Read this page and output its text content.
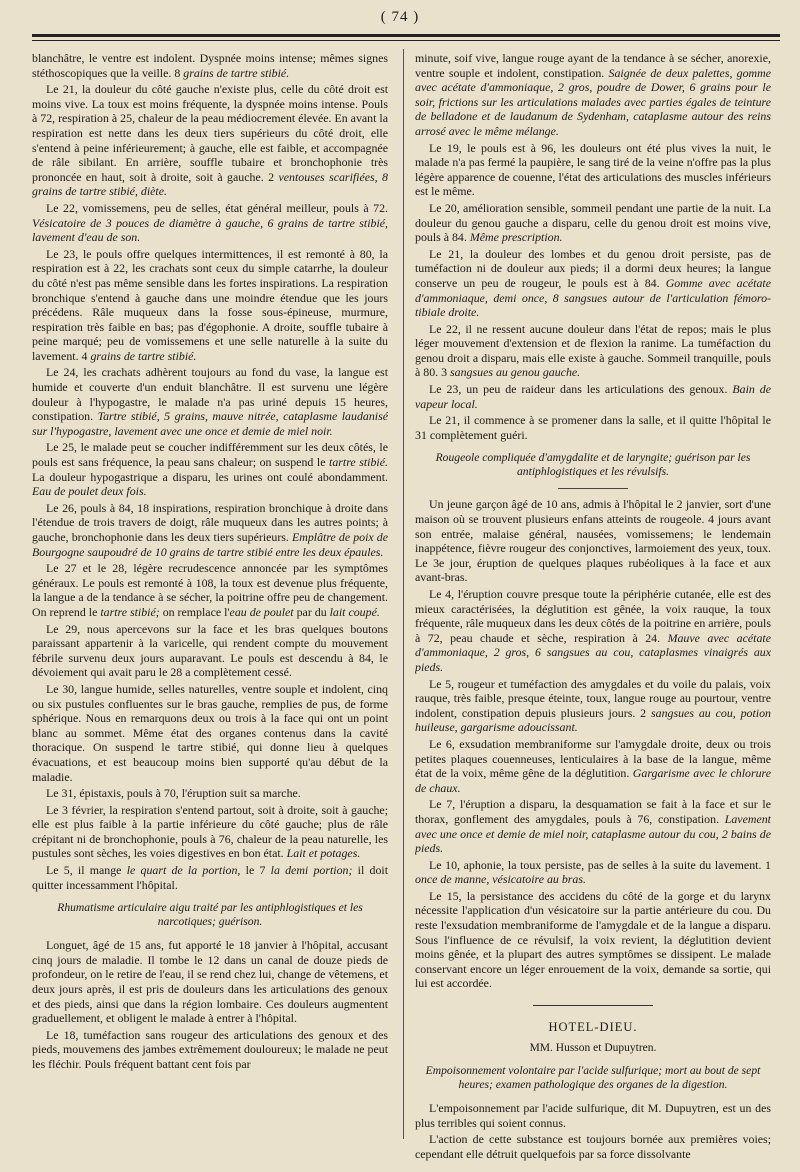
( 74 )

blanchâtre, le ventre est indolent. Dyspnée moins intense; mêmes signes stéthoscopiques que la veille. 8 grains de tartre stibié.

Le 21, la douleur du côté gauche n'existe plus, celle du côté droit est moins vive. La toux est moins fréquente, la dyspnée moins intense. Pouls à 72, respiration à 25, chaleur de la peau médiocrement élevée. En avant la respiration est nette dans les deux tiers supérieurs du côté droit, elle s'entend à peine inférieurement; à gauche, elle est faible, et accompagnée de râle sibilant. En arrière, souffle tubaire et bronchophonie très prononcée en haut, soit à droite, soit à gauche. 2 ventouses scarifiées, 8 grains de tartre stibié, diète.

Le 22, vomissemens, peu de selles, état général meilleur, pouls à 72. Vésicatoire de 3 pouces de diamètre à gauche, 6 grains de tartre stibié, lavement d'eau de son.

Le 23, le pouls offre quelques intermittences, il est remonté à 80, la respiration est à 22, les crachats sont ceux du simple catarrhe, la douleur du côté n'est pas même sensible dans les fortes inspirations. La respiration bronchique s'entend à gauche dans une moindre étendue que les jours précédens. Râle muqueux dans la fosse sous-épineuse, murmure, respiration très faible en bas; pas d'égophonie. A droite, souffle tubaire à peine marqué; peu de vomissemens et une selle naturelle à la suite du lavement. 4 grains de tartre stibié.

Le 24, les crachats adhèrent toujours au fond du vase, la langue est humide et couverte d'un enduit blanchâtre. Il est survenu une légère douleur à l'hypogastre, le malade n'a pas uriné depuis 15 heures, constipation. Tartre stibié, 5 grains, mauve nitrée, cataplasme laudanisé sur l'hypogastre, lavement avec une once et demie de miel noir.

Le 25, le malade peut se coucher indifféremment sur les deux côtés, le pouls est sans fréquence, la peau sans chaleur; on suspend le tartre stibié. La douleur hypogastrique a disparu, les urines ont coulé abondamment. Eau de poulet deux fois.

Le 26, pouls à 84, 18 inspirations, respiration bronchique à droite dans l'étendue de trois travers de doigt, râle muqueux dans les autres points; à gauche, bronchophonie dans les deux tiers supérieurs. Emplâtre de poix de Bourgogne saupoudré de 10 grains de tartre stibié entre les deux épaules.

Le 27 et le 28, légère recrudescence annoncée par les symptômes généraux. Le pouls est remonté à 108, la toux est devenue plus fréquente, la langue a de la tendance à se sécher, la poitrine offre peu de changement. On reprend le tartre stibié; on remplace l'eau de poulet par du lait coupé.

Le 29, nous apercevons sur la face et les bras quelques boutons paraissant appartenir à la varicelle, qui rendent compte du mouvement fébrile survenu deux jours auparavant. Le pouls est descendu à 84, le dévoiement qui avait paru le 28 a complètement cessé.

Le 30, langue humide, selles naturelles, ventre souple et indolent, cinq ou six pustules confluentes sur le bras gauche, remplies de pus, de forme sphérique. Nous en remarquons deux ou trois à la face qui ont un point blanc au sommet. Même état des organes contenus dans la cavité thoracique. On suspend le tartre stibié, qui donne lieu à quelques évacuations, et est beaucoup moins bien supporté qu'au début de la maladie.

Le 31, épistaxis, pouls à 70, l'éruption suit sa marche.

Le 3 février, la respiration s'entend partout, soit à droite, soit à gauche; elle est plus faible à la partie inférieure du côté gauche; plus de râle crépitant ni de bronchophonie, pouls à 76, chaleur de la peau naturelle, les pustules sont sèches, les voies digestives en bon état. Lait et potages.

Le 5, il mange le quart de la portion, le 7 la demi portion; il doit quitter incessamment l'hôpital.

Rhumatisme articulaire aigu traité par les antiphlogistiques et les narcotiques; guérison.

Longuet, âgé de 15 ans, fut apporté le 18 janvier à l'hôpital, accusant cinq jours de maladie. Il tombe le 12 dans un canal de douze pieds de profondeur, on le retire de l'eau, il se rend chez lui, change de vêtemens, et deux jours après, il est pris de douleurs dans les articulations des genoux et des pieds, ainsi que dans la région lombaire. Ces douleurs augmentent graduellement, et obligent le malade à entrer à l'hôpital.

Le 18, tuméfaction sans rougeur des articulations des genoux et des pieds, mouvemens des jambes extrêmement douloureux; le malade ne peut les fléchir. Pouls fréquent battant cent fois par

minute, soif vive, langue rouge ayant de la tendance à se sécher, anorexie, ventre souple et indolent, constipation. Saignée de deux palettes, gomme avec acétate d'ammoniaque, 2 gros, poudre de Dower, 6 grains pour le soir, frictions sur les articulations malades avec parties égales de teinture de belladone et de laudanum de Sydenham, cataplasme autour des reins arrosé avec le même mélange.

Le 19, le pouls est à 96, les douleurs ont été plus vives la nuit, le malade n'a pas fermé la paupière, le sang tiré de la veine n'offre pas la plus légère apparence de couenne, l'état des articulations des muscles inférieurs est le même.

Le 20, amélioration sensible, sommeil pendant une partie de la nuit. La douleur du genou gauche a disparu, celle du genou droit est moins vive, pouls à 84. Même prescription.

Le 21, la douleur des lombes et du genou droit persiste, pas de tuméfaction ni de douleur aux pieds; il a dormi deux heures; la langue conserve un peu de rougeur, le pouls est à 84. Gomme avec acétate d'ammoniaque, demi once, 8 sangsues autour de l'articulation fémoro-tibiale droite.

Le 22, il ne ressent aucune douleur dans l'état de repos; mais le plus léger mouvement d'extension et de flexion la ranime. La tuméfaction du genou droit a disparu, mais elle existe à gauche. Sommeil tranquille, pouls à 80. 3 sangsues au genou gauche.

Le 23, un peu de raideur dans les articulations des genoux. Bain de vapeur local.

Le 21, il commence à se promener dans la salle, et il quitte l'hôpital le 31 complètement guéri.

Rougeole compliquée d'amygdalite et de laryngite; guérison par les antiphlogistiques et les révulsifs.

Un jeune garçon âgé de 10 ans, admis à l'hôpital le 2 janvier, sort d'une maison où se trouvent plusieurs enfans atteints de rougeole. 4 jours avant son entrée, malaise général, nausées, vomissemens; le lendemain inappétence, fièvre rougeur des conjonctives, larmoiement des yeux, toux. Le 3e jour, éruption de quelques plaques rubéoliques à la face et aux avant-bras.

Le 4, l'éruption couvre presque toute la périphérie cutanée, elle est des mieux caractérisées, la déglutition est gênée, la voix rauque, la toux fréquente, râle muqueux dans les deux côtés de la poitrine en arrière, pouls à 72, peau chaude et sèche, respiration à 24. Mauve avec acétate d'ammoniaque, 2 gros, 6 sangsues au cou, cataplasmes vinaigrés aux pieds.

Le 5, rougeur et tuméfaction des amygdales et du voile du palais, voix rauque, très faible, presque éteinte, toux, langue rouge au pourtour, ventre indolent, constipation depuis plusieurs jours. 2 sangsues au cou, potion huileuse, gargarisme adoucissant.

Le 6, exsudation membraniforme sur l'amygdale droite, deux ou trois petites plaques couenneuses, lenticulaires à la base de la langue, même état de la voix, même gêne de la déglutition. Gargarisme avec le chlorure de chaux.

Le 7, l'éruption a disparu, la desquamation se fait à la face et sur le thorax, gonflement des amygdales, pouls à 76, constipation. Lavement avec une once et demie de miel noir, cataplasme autour du cou, 2 bains de pieds.

Le 10, aphonie, la toux persiste, pas de selles à la suite du lavement. 1 once de manne, vésicatoire au bras.

Le 15, la persistance des accidens du côté de la gorge et du larynx nécessite l'application d'un vésicatoire sur la partie antérieure du cou. Du reste l'exsudation membraniforme de l'amygdale et de la langue a disparu. Sous l'influence de ce révulsif, la voix revient, la déglutition devient moins gênée, et la plupart des autres symptômes se dissipent. Le malade conservant encore un léger enrouement de la voix, demande sa sortie, qui lui est accordée.

HOTEL-DIEU.
MM. Husson et Dupuytren.
Empoisonnement volontaire par l'acide sulfurique; mort au bout de sept heures; examen pathologique des organes de la digestion.

L'empoisonnement par l'acide sulfurique, dit M. Dupuytren, est un des plus terribles qui soient connus.

L'action de cette substance est toujours bornée aux premières voies; cependant elle détruit quelquefois par sa force dissolvante
